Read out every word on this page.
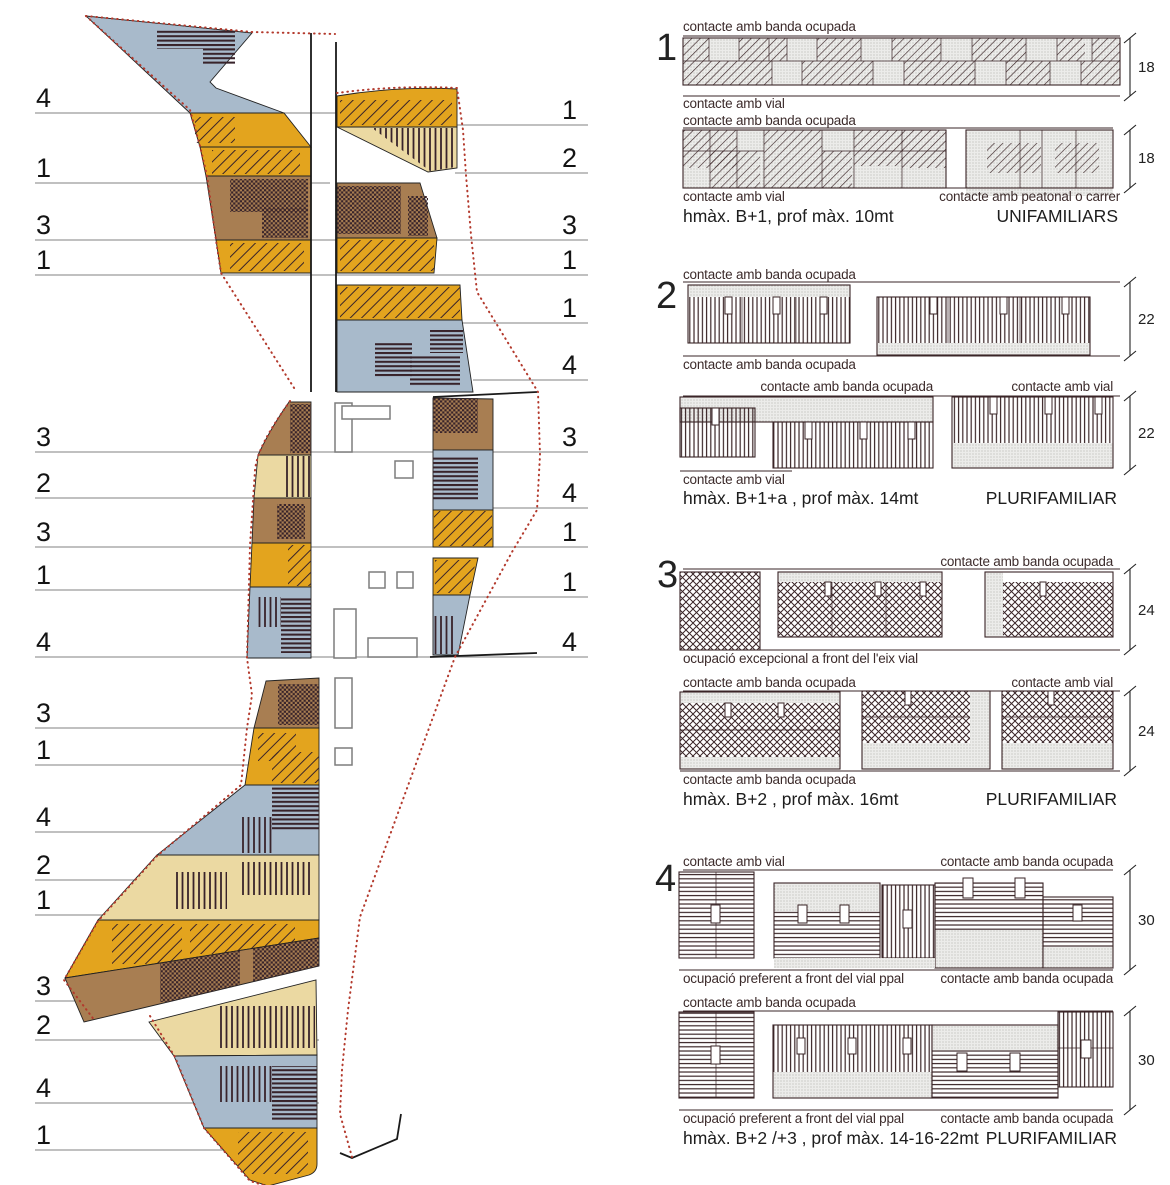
4
1
3
1
3
2
3
1
4
3
1
4
2
1
3
2
4
1
1
2
3
1
1
4
3
4
1
1
4
1
contacte amb banda ocupada
contacte amb vial
18
contacte amb banda ocupada
contacte amb vial	contacte amb peatonal o carrer
18
hmàx. B+1, prof màx. 10mt	UNIFAMILIARS
2
contacte amb banda ocupada
contacte amb banda ocupada
22
contacte amb banda ocupada	contacte amb vial
contacte amb vial
22
hmàx. B+1+a , prof màx. 14mt	PLURIFAMILIAR
3	contacte amb banda ocupada
ocupació excepcional a front del l'eix vial
24
contacte amb banda ocupada	contacte amb vial
contacte amb banda ocupada
24
hmàx. B+2 , prof màx. 16mt	PLURIFAMILIAR
4 contacte amb vial	contacte amb banda ocupada
ocupació preferent a front del vial ppal	contacte amb banda ocupada
30
contacte amb banda ocupada
ocupació preferent a front del vial ppal	contacte amb banda ocupada
30
hmàx. B+2 /+3 , prof màx. 14-16-22mt PLURIFAMILIAR
